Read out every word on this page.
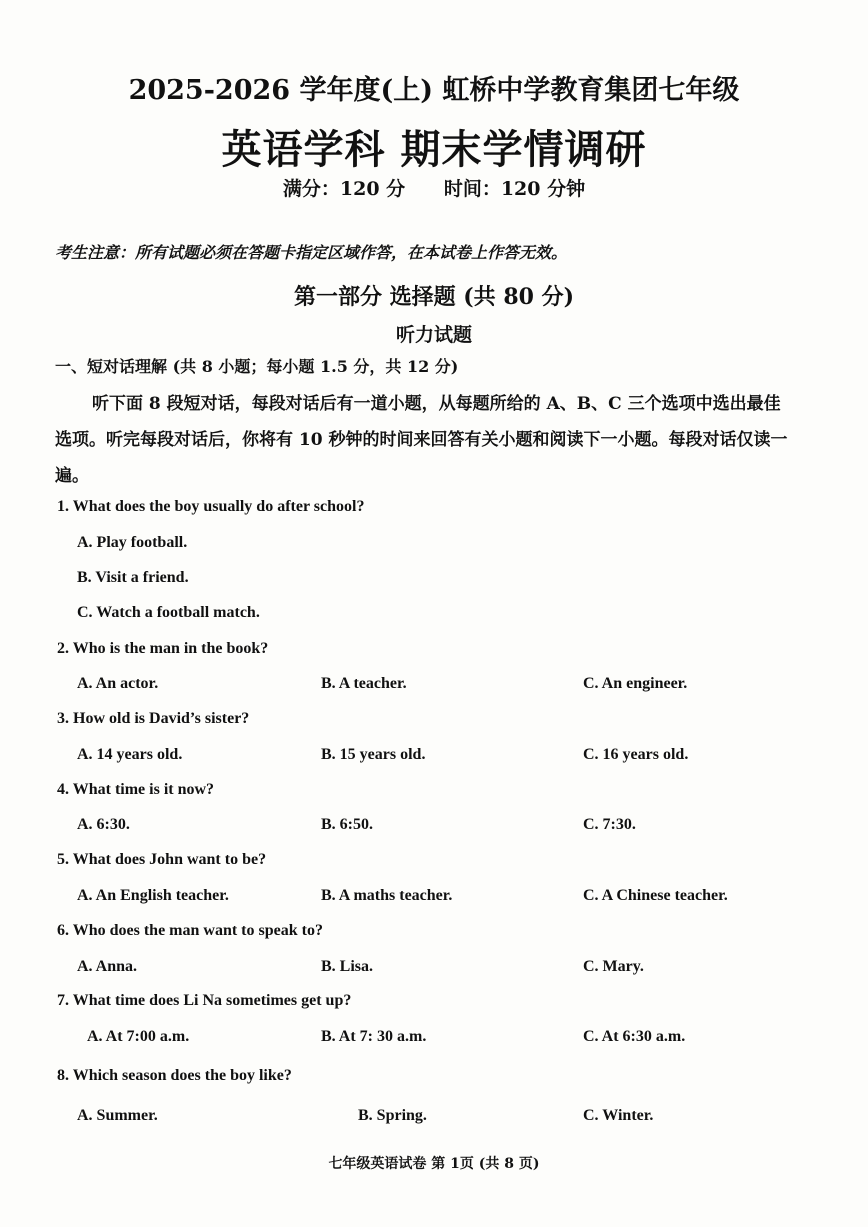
2025-2026 学年度(上) 虹桥中学教育集团七年级
英语学科 期末学情调研
满分：120 分 时间：120 分钟
考生注意：所有试题必须在答题卡指定区域作答，在本试卷上作答无效。
第一部分 选择题 (共 80 分)
听力试题
一、短对话理解 (共 8 小题；每小题 1.5 分，共 12 分)
听下面 8 段短对话，每段对话后有一道小题，从每题所给的 A、B、C 三个选项中选出最佳选项。听完每段对话后，你将有 10 秒钟的时间来回答有关小题和阅读下一小题。每段对话仅读一遍。
1. What does the boy usually do after school?
A. Play football.
B. Visit a friend.
C. Watch a football match.
2. Who is the man in the book?
A. An actor.	B. A teacher.	C. An engineer.
3. How old is David’s sister?
A. 14 years old.	B. 15 years old.	C. 16 years old.
4. What time is it now?
A. 6:30.	B. 6:50.	C. 7:30.
5. What does John want to be?
A. An English teacher.	B. A maths teacher.	C. A Chinese teacher.
6. Who does the man want to speak to?
A. Anna.	B. Lisa.	C. Mary.
7. What time does Li Na sometimes get up?
A. At 7:00 a.m.	B. At 7: 30 a.m.	C. At 6:30 a.m.
8. Which season does the boy like?
A. Summer.	B. Spring.	C. Winter.
七年级英语试卷 第 1页 (共 8 页)
